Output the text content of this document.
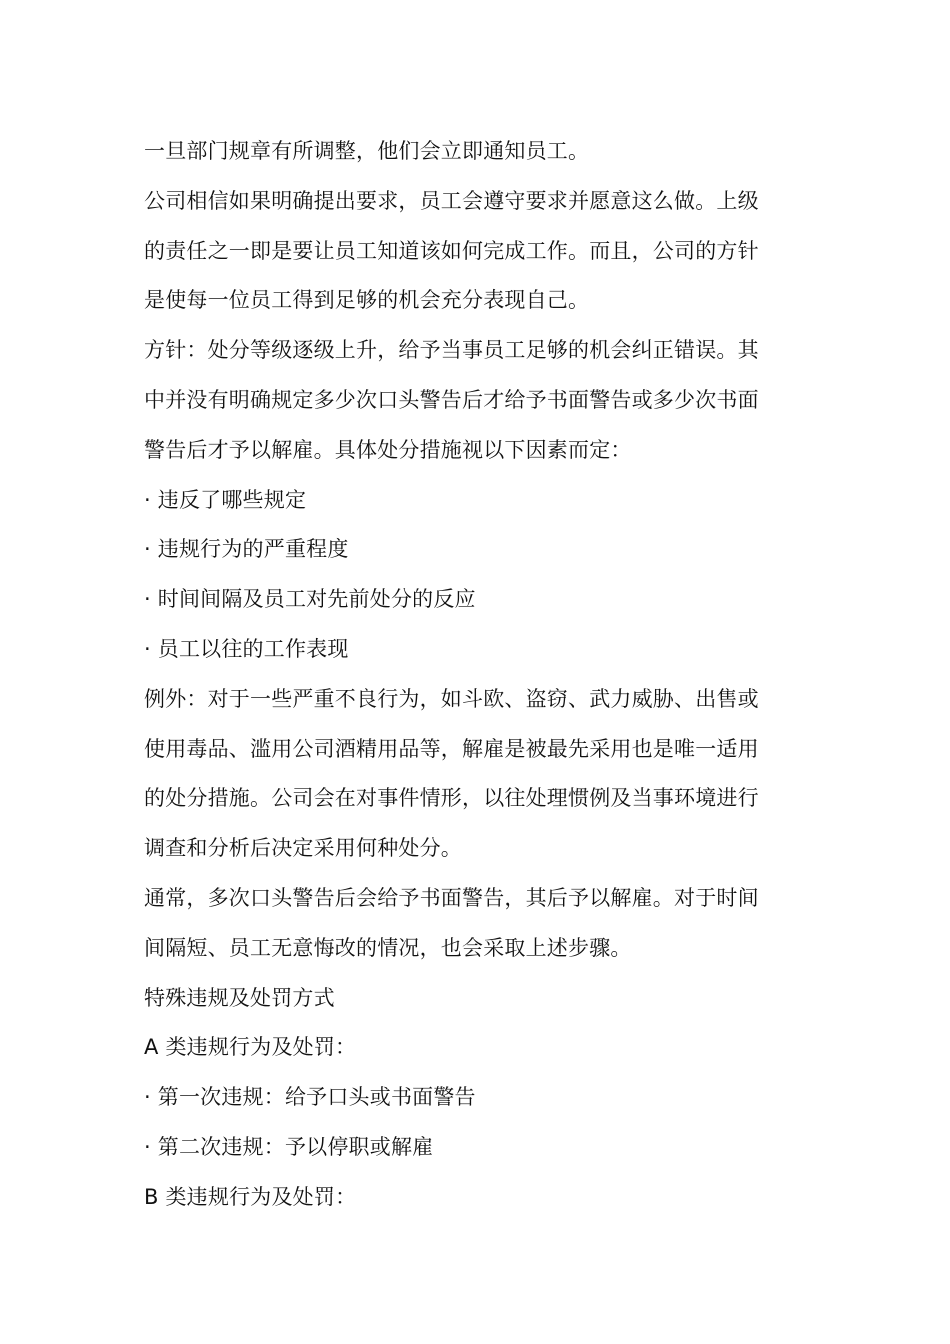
一旦部门规章有所调整，他们会立即通知员工。
公司相信如果明确提出要求，员工会遵守要求并愿意这么做。上级
的责任之一即是要让员工知道该如何完成工作。而且，公司的方针
是使每一位员工得到足够的机会充分表现自己。
方针：处分等级逐级上升，给予当事员工足够的机会纠正错误。其
中并没有明确规定多少次口头警告后才给予书面警告或多少次书面
警告后才予以解雇。具体处分措施视以下因素而定：
· 违反了哪些规定
· 违规行为的严重程度
· 时间间隔及员工对先前处分的反应
· 员工以往的工作表现
例外：对于一些严重不良行为，如斗欧、盗窃、武力威胁、出售或
使用毒品、滥用公司酒精用品等，解雇是被最先采用也是唯一适用
的处分措施。公司会在对事件情形，以往处理惯例及当事环境进行
调查和分析后决定采用何种处分。
通常，多次口头警告后会给予书面警告，其后予以解雇。对于时间
间隔短、员工无意悔改的情况，也会采取上述步骤。
特殊违规及处罚方式
A 类违规行为及处罚：
· 第一次违规：给予口头或书面警告
· 第二次违规：予以停职或解雇
B 类违规行为及处罚：
